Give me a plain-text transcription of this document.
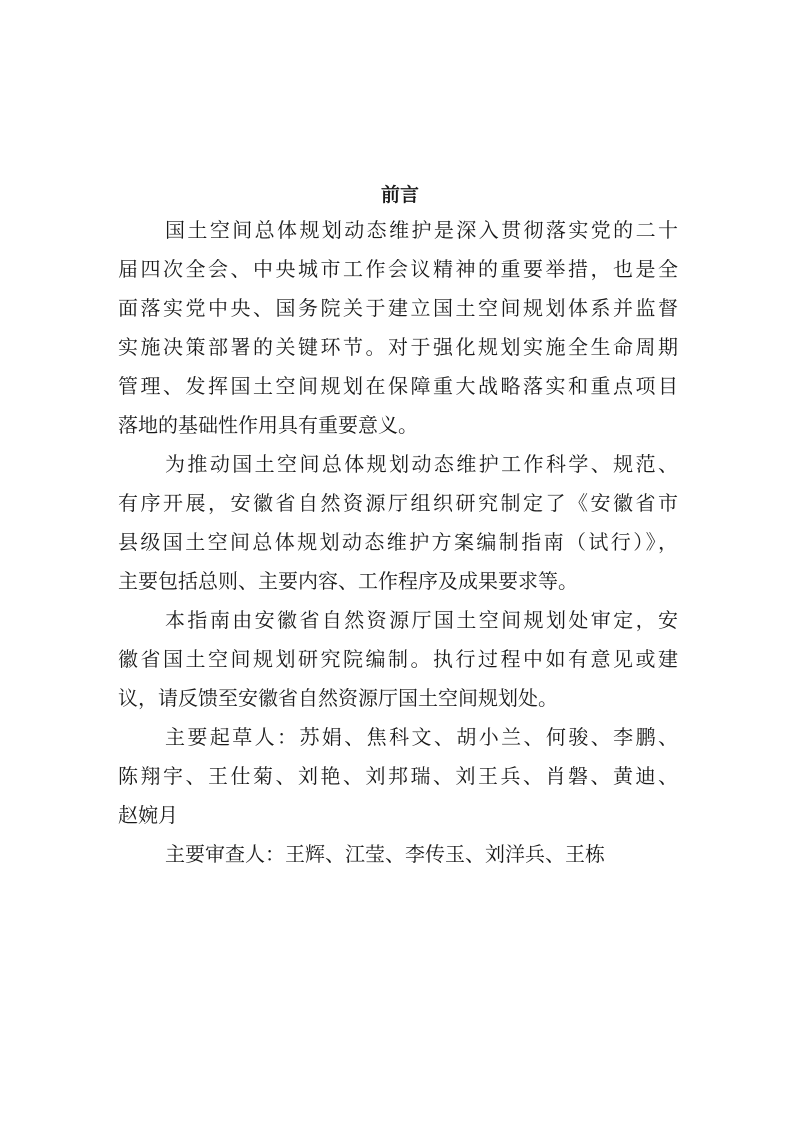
前言

国土空间总体规划动态维护是深入贯彻落实党的二十

届四次全会、中央城市工作会议精神的重要举措，也是全

面落实党中央、国务院关于建立国土空间规划体系并监督

实施决策部署的关键环节。对于强化规划实施全生命周期

管理、发挥国土空间规划在保障重大战略落实和重点项目

落地的基础性作用具有重要意义。

为推动国土空间总体规划动态维护工作科学、规范、

有序开展，安徽省自然资源厅组织研究制定了《安徽省市

县级国土空间总体规划动态维护方案编制指南（试行）》，

主要包括总则、主要内容、工作程序及成果要求等。

本指南由安徽省自然资源厅国土空间规划处审定，安

徽省国土空间规划研究院编制。执行过程中如有意见或建

议，请反馈至安徽省自然资源厅国土空间规划处。

主要起草人：苏娟、焦科文、胡小兰、何骏、李鹏、

陈翔宇、王仕菊、刘艳、刘邦瑞、刘王兵、肖磐、黄迪、

赵婉月

主要审查人：王辉、江莹、李传玉、刘洋兵、王栋
